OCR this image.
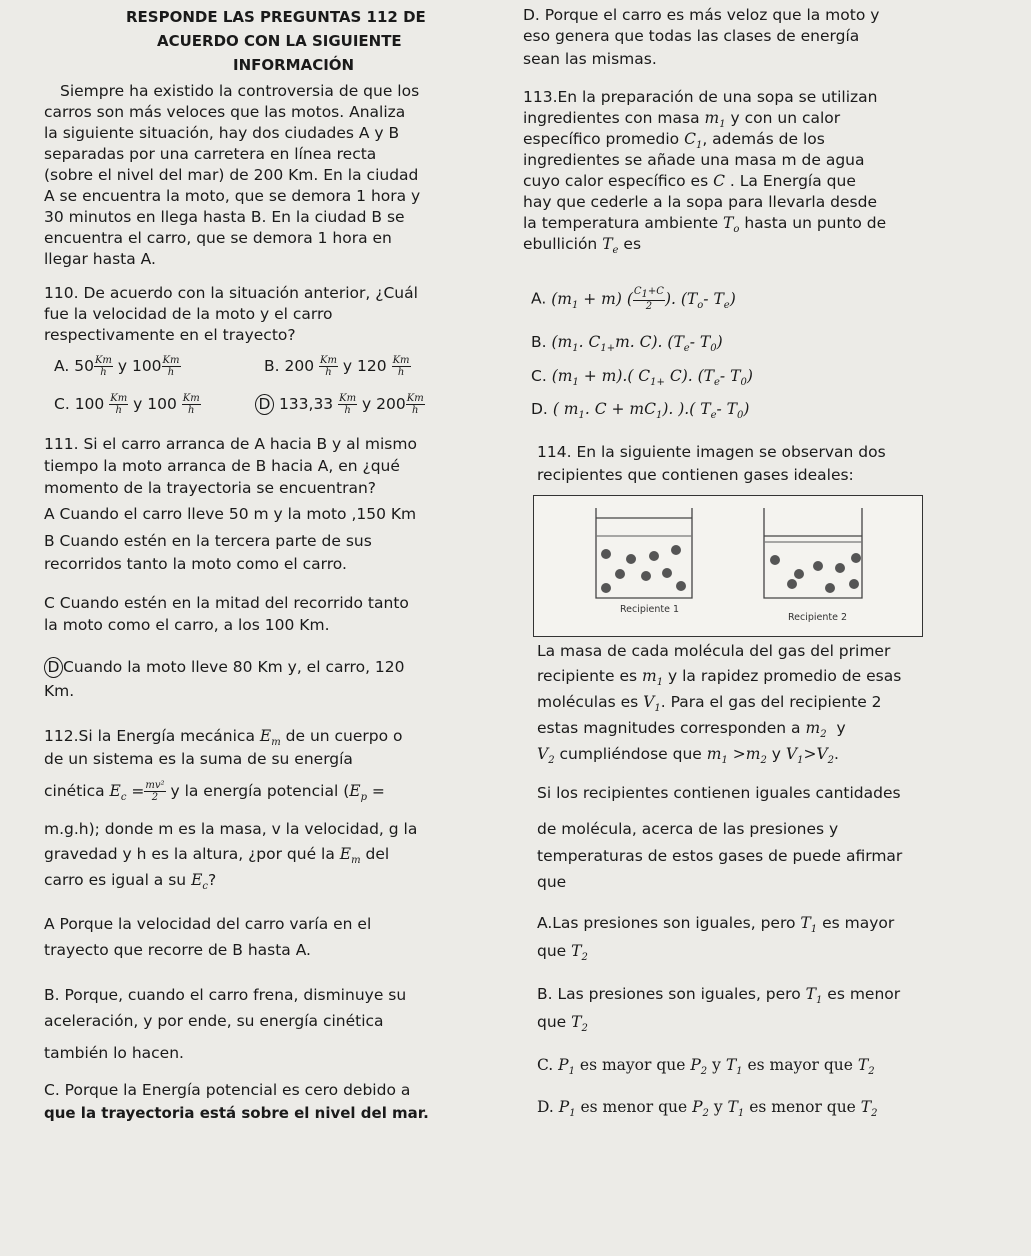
RESPONDE LAS PREGUNTAS 112 DE
ACUERDO CON LA SIGUIENTE
INFORMACIÓN
Siempre ha existido la controversia de que los
carros son más veloces que las motos. Analiza
la siguiente situación, hay dos ciudades A y B
separadas por una carretera en línea recta
(sobre el nivel del mar) de 200 Km. En la ciudad
A se encuentra la moto, que se demora 1 hora y
30 minutos en llega hasta B. En la ciudad B se
encuentra el carro, que se demora 1 hora en
llegar hasta A.
110. De acuerdo con la situación anterior, ¿Cuál
fue la velocidad de la moto y el carro
respectivamente en el trayecto?
A. $50 \frac{Km}{h}$ y $100 \frac{Km}{h}$	B. $200 \frac{Km}{h}$ y $120 \frac{Km}{h}$
C. $100 \frac{Km}{h}$ y $100 \frac{Km}{h}$	D $133,33 \frac{Km}{h}$ y $200 \frac{Km}{h}$
111. Si el carro arranca de A hacia B y al mismo
tiempo la moto arranca de B hacia A, en ¿qué
momento de la trayectoria se encuentran?
A Cuando el carro lleve 50 m y la moto ,150 Km
B Cuando estén en la tercera parte de sus
recorridos tanto la moto como el carro.
C Cuando estén en la mitad del recorrido tanto
la moto como el carro, a los 100 Km.
D Cuando la moto lleve 80 Km y, el carro, 120
Km.
112.Si la Energía mecánica $E_m$ de un cuerpo o
de un sistema es la suma de su energía
cinética $E_c = \frac{\text{mv²}}{2}$ y la energía potencial ($E_p$ =
m.g.h); donde m es la masa, v la velocidad, g la
gravedad y h es la altura, ¿por qué la $E_m$ del
carro es igual a su $E_c$?
A Porque la velocidad del carro varía en el
trayecto que recorre de B hasta A.
B. Porque, cuando el carro frena, disminuye su
aceleración, y por ende, su energía cinética
también lo hacen.
C. Porque la Energía potencial es cero debido a
que la trayectoria está sobre el nivel del mar.
D. Porque el carro es más veloz que la moto y
eso genera que todas las clases de energía
sean las mismas.
113.En la preparación de una sopa se utilizan
ingredientes con masa $m_1$ y con un calor
específico promedio $C_1$, además de los
ingredientes se añade una masa m de agua
cuyo calor específico es C . La Energía que
hay que cederle a la sopa para llevarla desde
la temperatura ambiente $T_o$ hasta un punto de
ebullición $T_e$ es
A. $(m_1 + m)$ ( $\frac{C_1+C}{2}$ ). ($T_o-$ $T_e$)
B. ($m_1$. $C_{1+}m$. C). ($T_e-$ $T_0$)
C. $(m_1 + m)$.( $C_{1+}$ C). ($T_e-$ $T_0$)
D. ( $m_1$. $C + mC_1$). ).( $T_e-$ $T_0$)
114. En la siguiente imagen se observan dos
recipientes que contienen gases ideales:
Recipiente 1
Recipiente 2
La masa de cada molécula del gas del primer
recipiente es $m_1$ y la rapidez promedio de esas
moléculas es $V_1$. Para el gas del recipiente 2
estas magnitudes corresponden a $m_2$ y
$V_2$ cumpliéndose que $m_1 >m_2$ y $V_1>V_2$.
Si los recipientes contienen iguales cantidades
de molécula, acerca de las presiones y
temperaturas de estos gases de puede afirmar
que
A.Las presiones son iguales, pero $T_1$ es mayor
que $T_2$
B. Las presiones son iguales, pero $T_1$ es menor
que $T_2$
C. $P_1$ es mayor que $P_2$ y $T_1$ es mayor que $T_2$
D. $P_1$ es menor que $P_2$ y $T_1$ es menor que $T_2$
